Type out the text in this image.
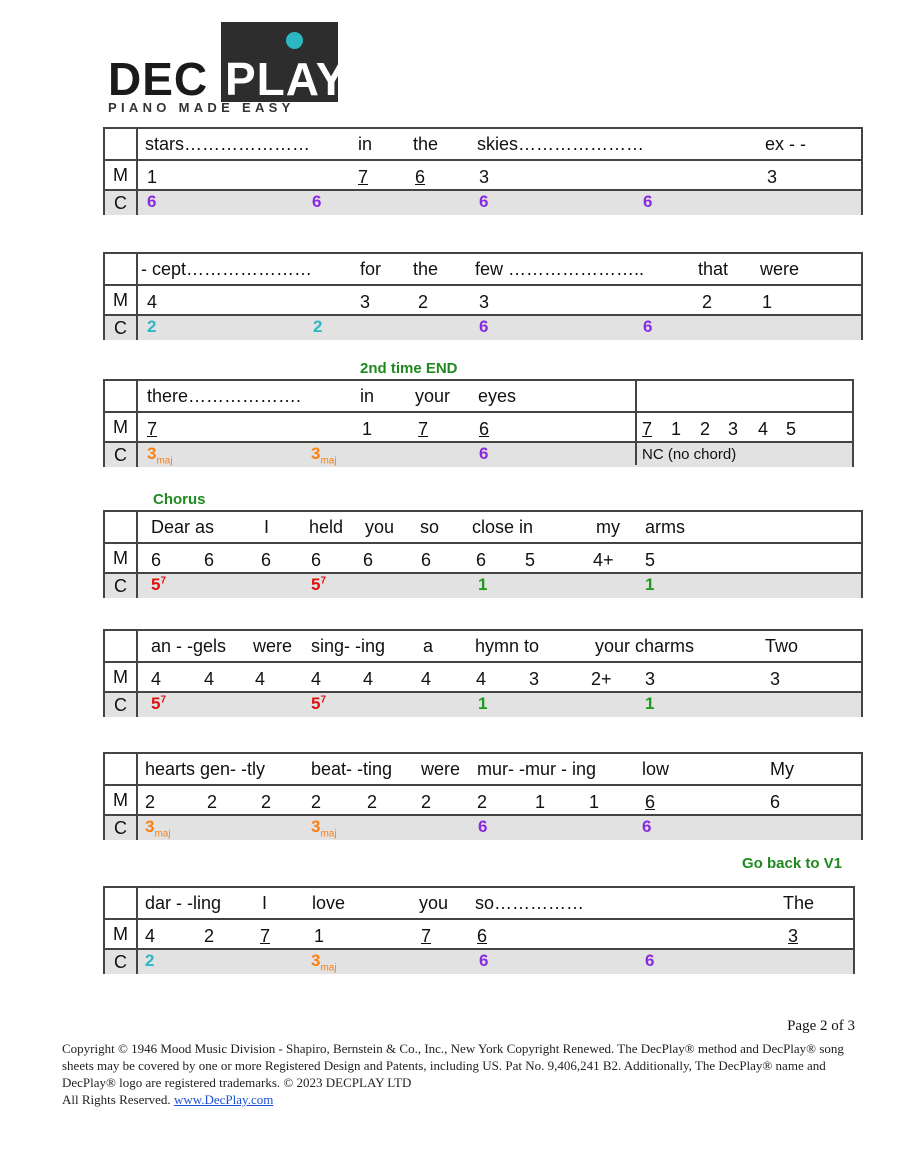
DEC PLAY
PIANO MADE EASY
2nd time END
Chorus
Go back to V1
stars…………………	in the skies…………………	ex - -
M	1	7	6	3	3
C	6	6	6	6
- cept…………………	for the few …………………..	that were
M	4	3	2	3	2	1
C	2	2	6	6
there……………….	in your eyes
M	7	1	7	6	7 1 2 3 4 5
C	$3_{maj}$	$3_{maj}$	6	NC (no chord)
Dear as	I held you so close in	my arms
M	6 6	6 6 6	6 6 5	4+ 5
C	$5^7$	$5^7$	1	1
an - -gels were sing- -ing a hymn to	your charms	Two
M	4 4 4	4 4	4 4 3	2+ 3	3
C	$5^7$	$5^7$	1	1
hearts gen- -tly	beat- -ting were mur- -mur - ing	low	My
M 2	2 2 2	2 2	2	1 1	6	6
C	$3_{maj}$	$3_{maj}$	6	6
dar - -ling I love	you so……………	The
M 4	2	7 1	7	6	3
C	2	$3_{maj}$	6	6
Page 2 of 3
Copyright © 1946 Mood Music Division - Shapiro, Bernstein & Co., Inc., New York Copyright Renewed. The DecPlay® method and DecPlay® song sheets may be covered by one or more Registered Design and Patents, including US. Pat No. 9,406,241 B2. Additionally, The DecPlay® name and DecPlay® logo are registered trademarks. © 2023 DECPLAY LTD
All Rights Reserved. www.DecPlay.com
